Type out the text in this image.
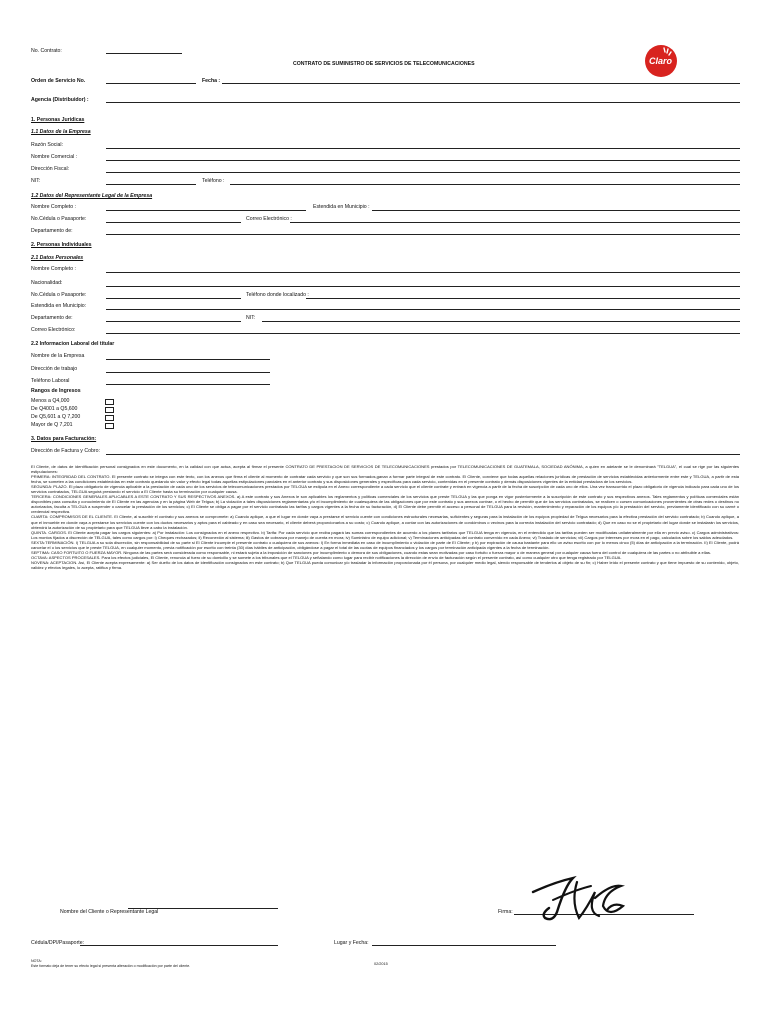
No. Contrato:
CONTRATO DE SUMINISTRO DE SERVICIOS DE TELECOMUNICACIONES	Claro
Orden de Servicio No.	Fecha :
Agencia (Distribuidor) :
1. Personas Juridicas
1.1 Datos de la Empresa
Razón Social:
Nombre Comercial :
Dirección Fiscal:
NIT:	Teléfono :
1.2 Datos del Representante Legal de la Empresa
Nombre Completo :	Estendida en Municipio :
No.Cédula o Pasaporte:	Correo Electrónico :
Departamento de:
2. Personas Individuales
2.1 Datos Personales
Nombre Completo :
Nacionalidad:
No.Cédula o Pasaporte:	Teléfono donde localizado :
Estendida en Municipio:
Departamento de:	NIT:
Correo Electrónico:
2.2 Informacion Laboral del titular
Nombre de la Empresa
Dirección de trabajo
Teléfono Laboral
Rangos de Ingresos
Menos a Q4,000
De Q4001 a Q5,600
De Q5,601 a Q 7,200
Mayor de Q 7,201
3. Datos para Facturación:
Dirección de Factura y Cobro:

El Cliente, de datos de identificación personal consignados en este documento, en la calidad con que actua, acepta al firmar el presente CONTRATO DE PRESTACION DE SERVICIOS DE TELECOMUNICACIONES prestados por TELECOMUNICACIONES DE GUATEMALA, SOCIEDAD ANÓNIMA, a quien en adelante se le denominará "TELGUA", el cual se rige por las siguientes estipulaciones:

PRIMERA: INTEGRIDAD DEL CONTRATO. El presente contrato se integra con este texto, con los anexos que firma el cliente al momento de contratar cada servicio y que son sus formados,ganan a formar parte integral de este contrato. El Cliente, conviene que todas aquellas relaciones jurídicas de prestación de servicios establecidas anteriormente entre este y TELGUA, a partir de esta fecha, se someten a las condiciones establecidas en este contrato quedando sin valor y efecto legal todas aquellas estipulaciones parciales en el anterior contrato y sus disposiciones generales y específicas para cada servicio, contenidas en el presente contrato y demás disposiciones vigentes de la entidad prestadora de los servicios.

SEGUNDA: PLAZO. El plazo obligatorio de vigencia aplicable a la prestación de cada uno de los servicios de telecomunicaciones prestados por TELGUA se estipula en el Anexo correspondiente a cada servicio que el cliente contrate y entrará en vigencia a partir de la fecha de suscripción de cada uno de ellos. Una vez transcurrido el plazo obligatorio de vigencia indicado para cada uno de los servicios contratados, TELGUA seguirá prestando el servicio a El Cliente hasta su terminación por cualquier causa.

TERCERA: CONDICIONES GENERALES APLICABLES A ESTE CONTRATO Y SUS RESPECTIVOS ANEXOS. a) A este contrato y sus Anexos le son aplicables los reglamentos y políticas comerciales de los servicios que preste TELGUA y las que ponga en vigor posteriormente a la suscripción de este contrato y sus respectivos anexos. Tales reglamentos y políticas comerciales están disponibles para consulta y conocimiento de El Cliente en las agencias y en la página Web de Telgua; b) La violación a tales disposiciones reglamentarias y/o el incumplimiento de cualesquiera de las obligaciones que por este contrato y sus anexos contrae, o el hecho de permitir que de los servicios contratados, se realicen o cursen comunicaciones provenientes de otras redes o destinos no autorizados, faculta a TELGUA a suspender o cancelar la prestación de los servicios; c) El Cliente se obliga a pagar por el servicio contratado las tarifas y cargos vigentes a la fecha de su facturación, d) El Cliente debe permitir el acceso a personal de TELGUA para la revisión, mantenimiento y reparación de los equipos y/o la prestación del servicio, previamente identificado con su carné o credencial respectiva.

CUARTA: COMPROMISOS DE EL CLIENTE. El Cliente, al suscribir el contrato y sus anexos se compromete: a) Cuando aplique, a que el lugar en donde vaya a prestarse el servicio cuente con condiciones estructurales necesarias, suficientes y seguras para la instalación de los equipos propiedad de Telgua necesarios para la efectiva prestación del servicio contratado; b) Cuando aplique, a que el inmueble en donde vaya a prestarse los servicios cuente con los ductos necesarios y aptos para el cableado y en caso sea necesario, el cliente deberá proporcionarlos a su costo; c) Cuando aplique, a contar con las autorizaciones de condóminos o vecinos para la correcta instalación del servicio contratado; d) Que en caso no se el propietario del lugar donde se instalarán los servicios, obtendrá la autorización de su propietario para que TELGUA lleve a cabo la instalación.

QUINTA. CARGOS. El Cliente acepta pagar los cargos siguientes: a) Por instalación: Los consignados en el anexo respectivo. b) Tarifa: Por cada servicio que reciba pagará las sumas correspondientes de acuerdo a los planes tarifarios que TELGUA tenga en vigencia, en el entendido que las tarifas pueden ser modificadas unilateralmente por ella en previo aviso. c) Cargos administrativos: Los montos fijados a discreción de TELGUA, tales como cargos por: i) Cheques rechazados; ii) Reconexión al sistema; iii) Gastos de cobranza por manejo de cuenta en mora; iv) Suministro de equipo adicional; v) Terminaciones anticipadas del contrato convenido en cada Anexo; vi) Traslado de servicios; vii) Cargos por intereses por mora en el pago, calculados sobre los saldos adeudados.

SEXTA:TERMINACIÓN. I) TELGUA a su sola discreción, sin responsabilidad de su parte si El Cliente incumple el presente contrato o cualquiera de sus anexos: I) En forma inmediata en caso de incumplimiento o violación de parte de El Cliente; y b) por expiración de causa bastante para ello un aviso escrito con por lo menos cinco (5) días de anticipación a la terminación. II) El Cliente, podrá cancelar el o los servicios que le preste TELGUA, en cualquier momento, previa notificación por escrito con treinta (30) días hábiles de anticipación, obligándose a pagar el total de las cuotas de equipos financiados y los cargos por terminación anticipada vigentes a la fecha de terminación.

SEPTIMA: CASO FORTUITO O FUERZA MAYOR. Ninguna de las partes será considerada como responsable, ni estará sujeta a la imposición de sanciones por incumplimiento o demora de sus obligaciones, cuando estas sean motivadas por caso fortuito o fuerza mayor o de manera general por cualquier causa fuera del control de cualquiera de las partes o no atribuible a ellas.

OCTAVA: ASPECTOS PROCESALES. Para los efectos judiciales, El Cliente, renuncia al fuero de su domicilio y se somete a los tribunales que el TELGUA y señalando como lugar para recibir notificaciones la dirección de envío de facturación según el presente contrato, así como cualquier otro que tenga registrado por TELGUA.

NOVENA: ACEPTACION. Así, El Cliente acepta expresamente: a) Ser dueño de los datos de identificación consignados en este contrato; b) Que TELGUA pueda comunicar y/o trasladar la información proporcionada por él persona, por cualquier medio legal, siendo responsable de tenderlos al objeto de su fin; c) Haber leído el presente contrato y que tiene impuesto de su contenido, objeto, validez y efectos legales, lo acepta, ratifica y firma.

Nombre del Cliente o Representante Legal	Firma:
Cédula/DPI/Pasaporte:	Lugar y Fecha:
NOTA:
Este formato deja de tener su efecto legal si presenta alteración o modificación por parte del cliente.	02/2015
